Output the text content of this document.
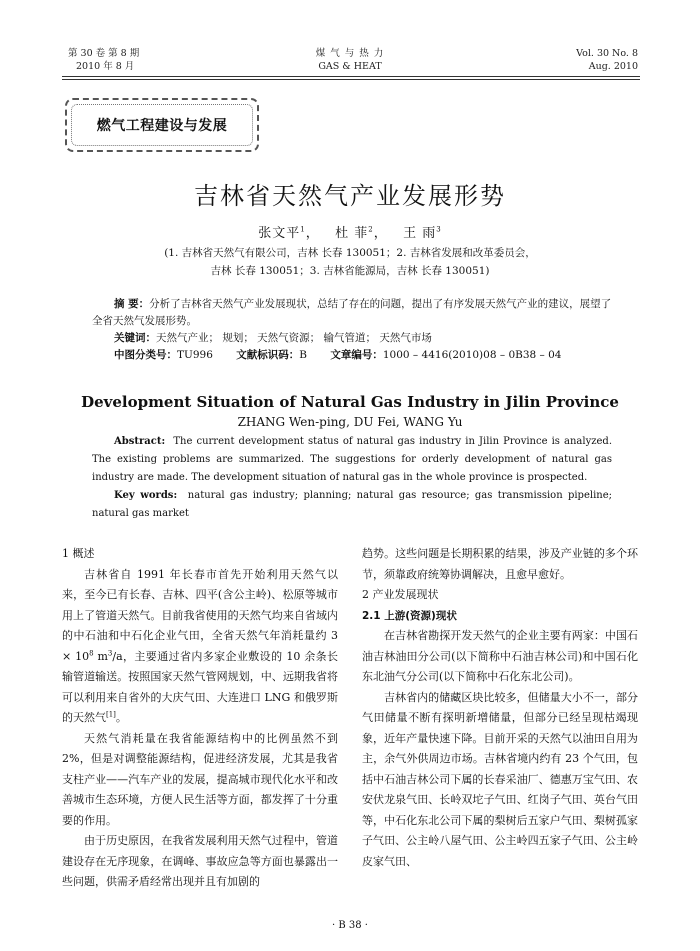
第 30 卷 第 8 期
2010 年 8 月
煤 气 与 热 力
GAS & HEAT
Vol. 30 No. 8
Aug. 2010
燃气工程建设与发展
吉林省天然气产业发展形势
张文平$^1$， 杜 菲$^2$， 王 雨$^3$
(1. 吉林省天然气有限公司，吉林 长春 130051；2. 吉林省发展和改革委员会，
吉林 长春 130051；3. 吉林省能源局，吉林 长春 130051)
摘 要：分析了吉林省天然气产业发展现状，总结了存在的问题，提出了有序发展天然气产业的建议，展望了全省天然气发展形势。
关键词：天然气产业； 规划； 天然气资源； 输气管道； 天然气市场
中图分类号：TU996 文献标识码：B 文章编号：1000 – 4416(2010)08 – 0B38 – 04
Development Situation of Natural Gas Industry in Jilin Province
ZHANG Wen-ping, DU Fei, WANG Yu
Abstract: The current development status of natural gas industry in Jilin Province is analyzed. The existing problems are summarized. The suggestions for orderly development of natural gas industry are made. The development situation of natural gas in the whole province is prospected.
Key words: natural gas industry; planning; natural gas resource; gas transmission pipeline; natural gas market

1 概述

吉林省自 1991 年长春市首先开始利用天然气以来，至今已有长春、吉林、四平(含公主岭)、松原等城市用上了管道天然气。目前我省使用的天然气均来自省域内的中石油和中石化企业气田，全省天然气年消耗量约 $3 \times 10^8$ $m^3/a$，主要通过省内多家企业敷设的 10 余条长输管道输送。按照国家天然气管网规划，中、远期我省将可以利用来自省外的大庆气田、大连进口 LNG 和俄罗斯的天然气[1]。

天然气消耗量在我省能源结构中的比例虽然不到 2%，但是对调整能源结构，促进经济发展，尤其是我省支柱产业——汽车产业的发展，提高城市现代化水平和改善城市生态环境，方便人民生活等方面，都发挥了十分重要的作用。

由于历史原因，在我省发展利用天然气过程中，管道建设存在无序现象，在调峰、事故应急等方面也暴露出一些问题，供需矛盾经常出现并且有加剧的

趋势。这些问题是长期积累的结果，涉及产业链的多个环节，须靠政府统筹协调解决，且愈早愈好。

2 产业发展现状

2.1 上游(资源)现状

在吉林省勘探开发天然气的企业主要有两家：中国石油吉林油田分公司(以下简称中石油吉林公司)和中国石化东北油气分公司(以下简称中石化东北公司)。

吉林省内的储藏区块比较多，但储量大小不一，部分气田储量不断有探明新增储量，但部分已经呈现枯竭现象，近年产量快速下降。目前开采的天然气以油田自用为主，余气外供周边市场。吉林省境内约有 23 个气田，包括中石油吉林公司下属的长春采油厂、德惠万宝气田、农安伏龙泉气田、长岭双坨子气田、红岗子气田、英台气田等，中石化东北公司下属的梨树后五家户气田、梨树孤家子气田、公主岭八屋气田、公主岭四五家子气田、公主岭皮家气田、

· B 38 ·
